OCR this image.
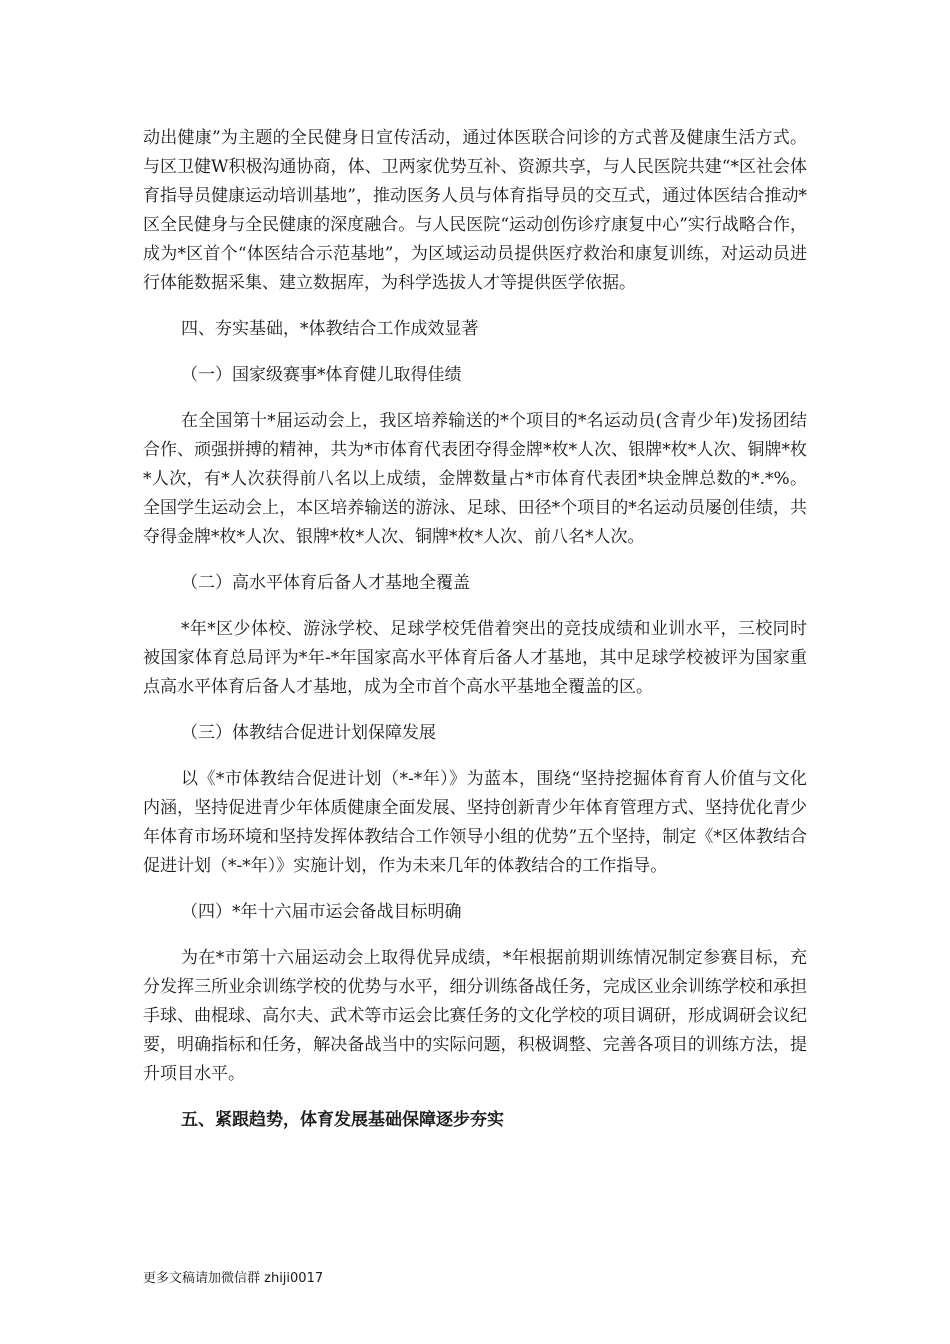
动出健康”为主题的全民健身日宣传活动，通过体医联合问诊的方式普及健康生活方式。与区卫健W积极沟通协商，体、卫两家优势互补、资源共享，与人民医院共建“*区社会体育指导员健康运动培训基地”，推动医务人员与体育指导员的交互式，通过体医结合推动*区全民健身与全民健康的深度融合。与人民医院“运动创伤诊疗康复中心”实行战略合作，成为*区首个“体医结合示范基地”，为区域运动员提供医疗救治和康复训练，对运动员进行体能数据采集、建立数据库，为科学选拔人才等提供医学依据。

四、夯实基础，*体教结合工作成效显著

（一）国家级赛事*体育健儿取得佳绩

在全国第十*届运动会上，我区培养输送的*个项目的*名运动员(含青少年)发扬团结合作、顽强拼搏的精神，共为*市体育代表团夺得金牌*枚*人次、银牌*枚*人次、铜牌*枚*人次，有*人次获得前八名以上成绩，金牌数量占*市体育代表团*块金牌总数的*.*%。全国学生运动会上，本区培养输送的游泳、足球、田径*个项目的*名运动员屡创佳绩，共夺得金牌*枚*人次、银牌*枚*人次、铜牌*枚*人次、前八名*人次。

（二）高水平体育后备人才基地全覆盖

*年*区少体校、游泳学校、足球学校凭借着突出的竞技成绩和业训水平，三校同时被国家体育总局评为*年-*年国家高水平体育后备人才基地，其中足球学校被评为国家重点高水平体育后备人才基地，成为全市首个高水平基地全覆盖的区。

（三）体教结合促进计划保障发展

以《*市体教结合促进计划（*-*年）》为蓝本，围绕“坚持挖掘体育育人价值与文化内涵，坚持促进青少年体质健康全面发展、坚持创新青少年体育管理方式、坚持优化青少年体育市场环境和坚持发挥体教结合工作领导小组的优势”五个坚持，制定《*区体教结合促进计划（*-*年）》实施计划，作为未来几年的体教结合的工作指导。

（四）*年十六届市运会备战目标明确

为在*市第十六届运动会上取得优异成绩，*年根据前期训练情况制定参赛目标，充分发挥三所业余训练学校的优势与水平，细分训练备战任务，完成区业余训练学校和承担手球、曲棍球、高尔夫、武术等市运会比赛任务的文化学校的项目调研，形成调研会议纪要，明确指标和任务，解决备战当中的实际问题，积极调整、完善各项目的训练方法，提升项目水平。

五、紧跟趋势，体育发展基础保障逐步夯实

更多文稿请加微信群 zhiji0017
